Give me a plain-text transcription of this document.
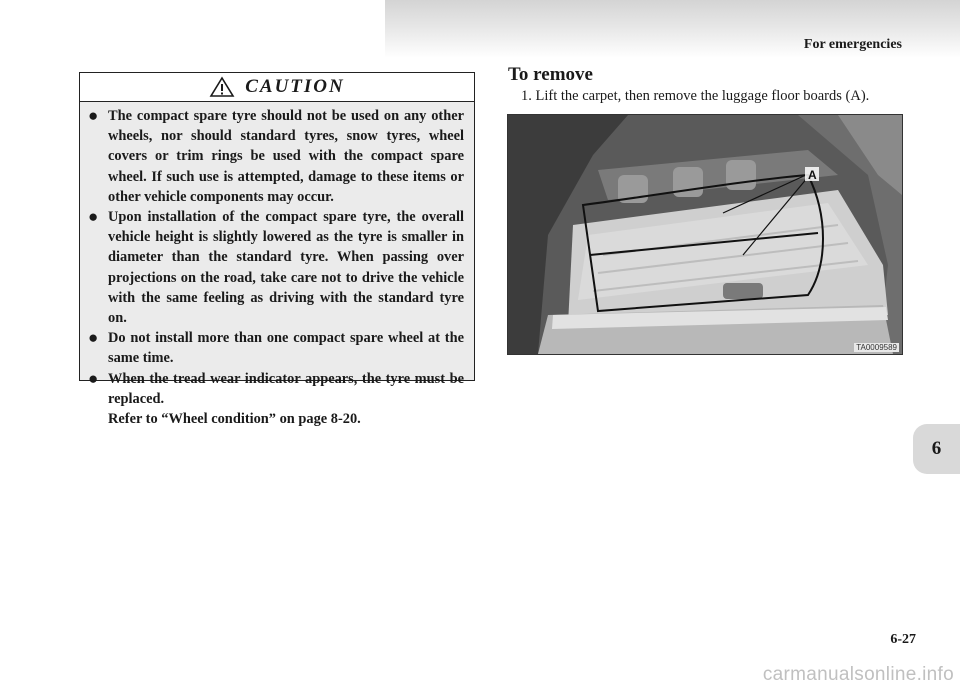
For emergencies
CAUTION
● The compact spare tyre should not be used on any other wheels, nor should standard tyres, snow tyres, wheel covers or trim rings be used with the compact spare wheel. If such use is attempted, damage to these items or other vehicle components may occur.
● Upon installation of the compact spare tyre, the overall vehicle height is slightly lowered as the tyre is smaller in diameter than the standard tyre. When passing over projections on the road, take care not to drive the vehicle with the same feeling as driving with the standard tyre on.
● Do not install more than one compact spare wheel at the same time.
● When the tread wear indicator appears, the tyre must be replaced.
Refer to “Wheel condition” on page 8-20.
To remove
1. Lift the carpet, then remove the luggage floor boards (A).
A
TA0009589
6
6-27
carmanualsonline.info
